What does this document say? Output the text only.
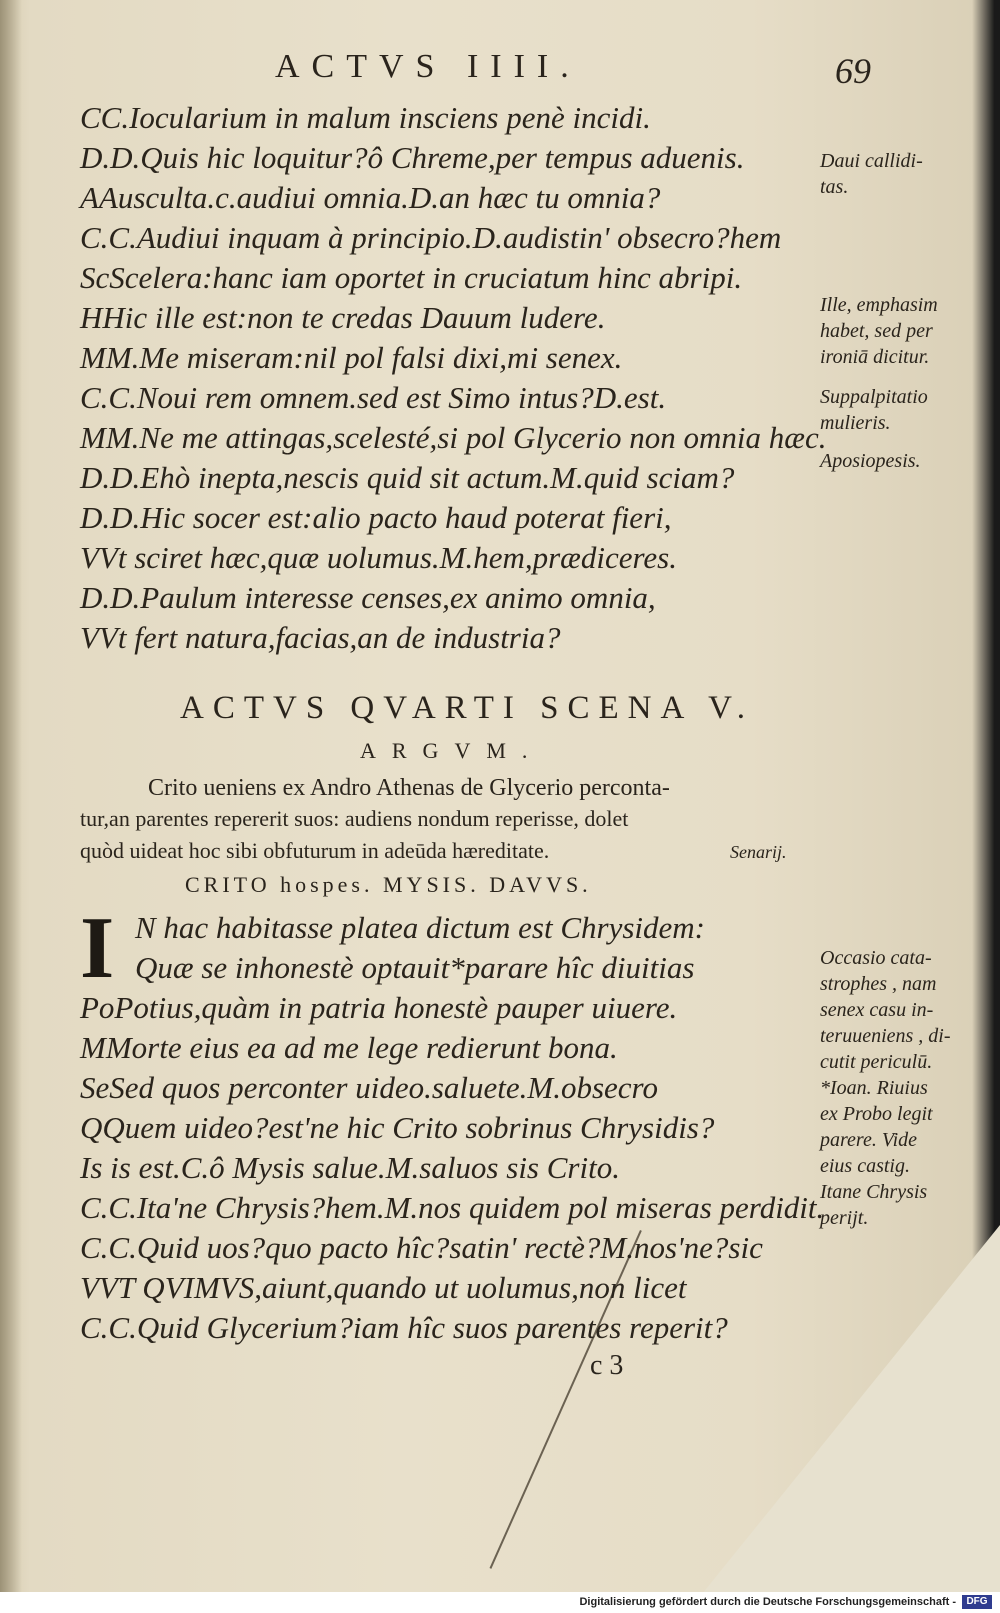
ACTVS IIII.	69
CC.Iocularium in malum insciens penè incidi.
D.D.Quis hic loquitur?ô Chreme,per tempus aduenis.
AAusculta.c.audiui omnia.D.an hæc tu omnia?
C.C.Audiui inquam à principio.D.audistin' obsecro?hem
ScScelera:hanc iam oportet in cruciatum hinc abripi.
HHic ille est:non te credas Dauum ludere.
MM.Me miseram:nil pol falsi dixi,mi senex.
C.C.Noui rem omnem.sed est Simo intus?D.est.
MM.Ne me attingas,scelesté,si pol Glycerio non omnia hæc.
D.D.Ehò inepta,nescis quid sit actum.M.quid sciam?
D.D.Hic socer est:alio pacto haud poterat fieri,
VVt sciret hæc,quæ uolumus.M.hem,prædiceres.
D.D.Paulum interesse censes,ex animo omnia,
VVt fert natura,facias,an de industria?
Daui callidi-
tas.
Ille, emphasim
habet, sed per
ironiā dicitur.
Suppalpitatio
mulieris.
Aposiopesis.
ACTVS QVARTI SCENA V.
ARGVM.
Crito ueniens ex Andro Athenas de Glycerio perconta-
tur,an parentes repererit suos: audiens nondum reperisse, dolet
quòd uideat hoc sibi obfuturum in adeūda hæreditate.	Senarij.
CRITO hospes. MYSIS. DAVVS.
I N hac habitasse platea dictum est Chrysidem:
Quæ se inhonestè optauit*parare hîc diuitias
PoPotius,quàm in patria honestè pauper uiuere.
MMorte eius ea ad me lege redierunt bona.
SeSed quos perconter uideo.saluete.M.obsecro
QQuem uideo?est'ne hic Crito sobrinus Chrysidis?
Is is est.C.ô Mysis salue.M.saluos sis Crito.
C.C.Ita'ne Chrysis?hem.M.nos quidem pol miseras perdidit.
C.C.Quid uos?quo pacto hîc?satin' rectè?M.nos'ne?sic
VVT QVIMVS,aiunt,quando ut uolumus,non licet
C.C.Quid Glycerium?iam hîc suos parentes reperit?
Occasio cata-
strophes , nam
senex casu in-
teruueniens , di-
cutit periculū.
*Ioan. Riuius
ex Probo legit
parere. Vide
eius castig.
Itane Chrysis
perijt.
c 3
Digitalisierung gefördert durch die Deutsche Forschungsgemeinschaft -	DFG
